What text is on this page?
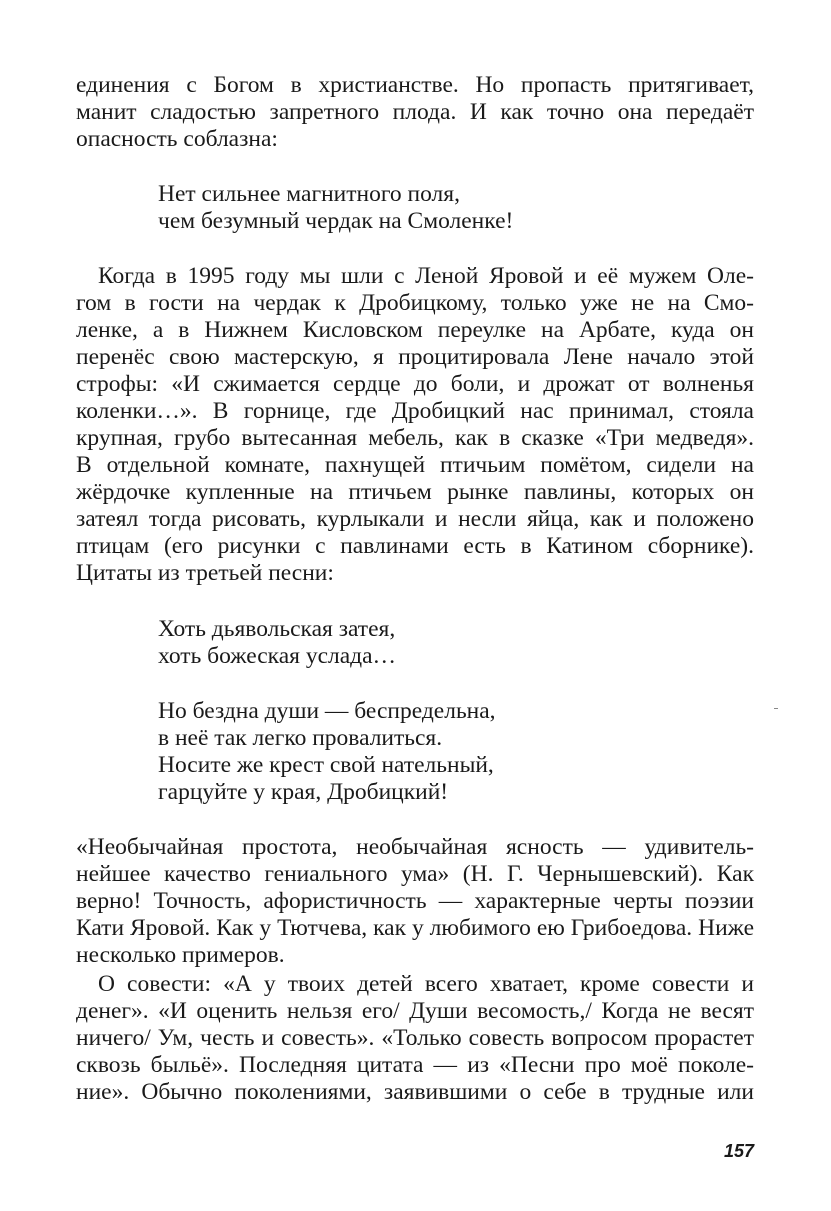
единения с Богом в христианстве. Но пропасть притягивает,
манит сладостью запретного плода. И как точно она передаёт
опасность соблазна:
Нет сильнее магнитного поля,
чем безумный чердак на Смоленке!
Когда в 1995 году мы шли с Леной Яровой и её мужем Оле-
гом в гости на чердак к Дробицкому, только уже не на Смо-
ленке, а в Нижнем Кисловском переулке на Арбате, куда он
перенёс свою мастерскую, я процитировала Лене начало этой
строфы: «И сжимается сердце до боли, и дрожат от волненья
коленки…». В горнице, где Дробицкий нас принимал, стояла
крупная, грубо вытесанная мебель, как в сказке «Три медведя».
В отдельной комнате, пахнущей птичьим помётом, сидели на
жёрдочке купленные на птичьем рынке павлины, которых он
затеял тогда рисовать, курлыкали и несли яйца, как и положено
птицам (его рисунки с павлинами есть в Катином сборнике).
Цитаты из третьей песни:
Хоть дьявольская затея,
хоть божеская услада…
Но бездна души — беспредельна,
в неё так легко провалиться.
Носите же крест свой нательный,
гарцуйте у края, Дробицкий!
«Необычайная простота, необычайная ясность — удивитель-
нейшее качество гениального ума» (Н. Г. Чернышевский). Как
верно! Точность, афористичность — характерные черты поэзии
Кати Яровой. Как у Тютчева, как у любимого ею Грибоедова. Ниже
несколько примеров.
О совести: «А у твоих детей всего хватает, кроме совести и
денег». «И оценить нельзя его/ Души весомость,/ Когда не весят
ничего/ Ум, честь и совесть». «Только совесть вопросом прорастет
сквозь быльё». Последняя цитата — из «Песни про моё поколе-
ние». Обычно поколениями, заявившими о себе в трудные или
157
